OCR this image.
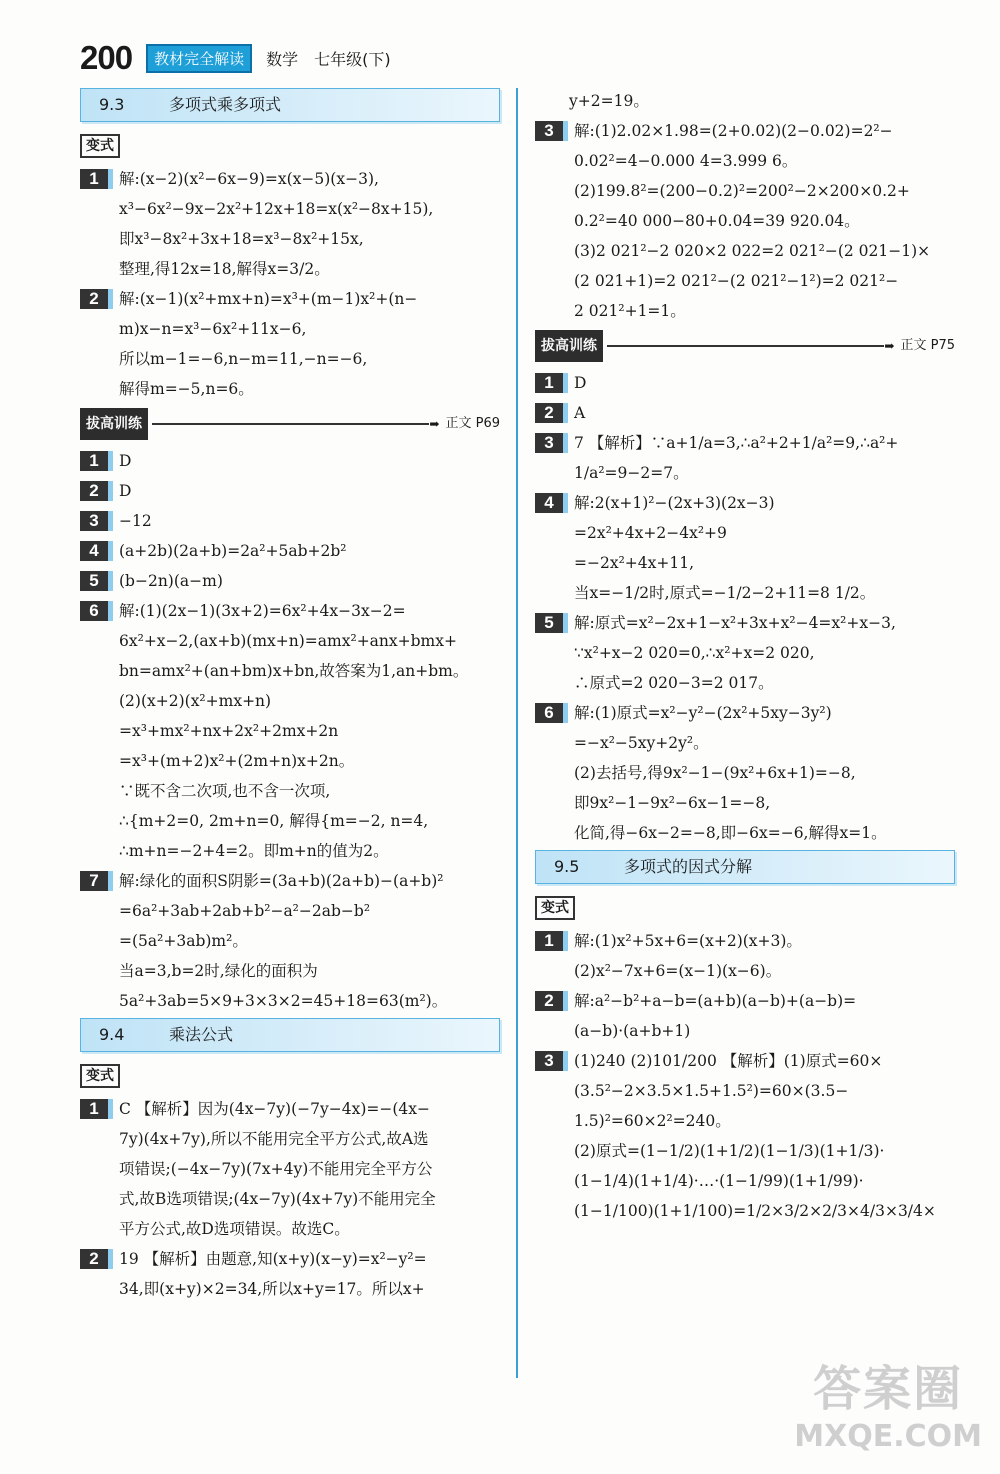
200	教材完全解读	数学　七年级(下)
9.3	多项式乘多项式
变式
1	解:(x−2)(x²−6x−9)=x(x−5)(x−3),
x³−6x²−9x−2x²+12x+18=x(x²−8x+15),
即x³−8x²+3x+18=x³−8x²+15x,
整理,得12x=18,解得x=3/2。
2	解:(x−1)(x²+mx+n)=x³+(m−1)x²+(n−
m)x−n=x³−6x²+11x−6,
所以m−1=−6,n−m=11,−n=−6,
解得m=−5,n=6。
拔高训练	➡ 正文 P69
1	D
2	D
3	−12
4	(a+2b)(2a+b)=2a²+5ab+2b²
5	(b−2n)(a−m)
6	解:(1)(2x−1)(3x+2)=6x²+4x−3x−2=
6x²+x−2,(ax+b)(mx+n)=amx²+anx+bmx+
bn=amx²+(an+bm)x+bn,故答案为1,an+bm。
(2)(x+2)(x²+mx+n)
=x³+mx²+nx+2x²+2mx+2n
=x³+(m+2)x²+(2m+n)x+2n。
∵既不含二次项,也不含一次项,
∴{m+2=0, 2m+n=0, 解得{m=−2, n=4,
∴m+n=−2+4=2。即m+n的值为2。
7	解:绿化的面积S阴影=(3a+b)(2a+b)−(a+b)²
=6a²+3ab+2ab+b²−a²−2ab−b²
=(5a²+3ab)m²。
当a=3,b=2时,绿化的面积为
5a²+3ab=5×9+3×3×2=45+18=63(m²)。
9.4	乘法公式
变式
1	C 【解析】因为(4x−7y)(−7y−4x)=−(4x−
7y)(4x+7y),所以不能用完全平方公式,故A选
项错误;(−4x−7y)(7x+4y)不能用完全平方公
式,故B选项错误;(4x−7y)(4x+7y)不能用完全
平方公式,故D选项错误。故选C。
2	19 【解析】由题意,知(x+y)(x−y)=x²−y²=
34,即(x+y)×2=34,所以x+y=17。所以x+
y+2=19。
3	解:(1)2.02×1.98=(2+0.02)(2−0.02)=2²−
0.02²=4−0.000 4=3.999 6。
(2)199.8²=(200−0.2)²=200²−2×200×0.2+
0.2²=40 000−80+0.04=39 920.04。
(3)2 021²−2 020×2 022=2 021²−(2 021−1)×
(2 021+1)=2 021²−(2 021²−1²)=2 021²−
2 021²+1=1。
拔高训练	➡ 正文 P75
1	D
2	A
3	7 【解析】∵a+1/a=3,∴a²+2+1/a²=9,∴a²+
1/a²=9−2=7。
4	解:2(x+1)²−(2x+3)(2x−3)
=2x²+4x+2−4x²+9
=−2x²+4x+11,
当x=−1/2时,原式=−1/2−2+11=8 1/2。
5	解:原式=x²−2x+1−x²+3x+x²−4=x²+x−3,
∵x²+x−2 020=0,∴x²+x=2 020,
∴原式=2 020−3=2 017。
6	解:(1)原式=x²−y²−(2x²+5xy−3y²)
=−x²−5xy+2y²。
(2)去括号,得9x²−1−(9x²+6x+1)=−8,
即9x²−1−9x²−6x−1=−8,
化简,得−6x−2=−8,即−6x=−6,解得x=1。
9.5	多项式的因式分解
变式
1	解:(1)x²+5x+6=(x+2)(x+3)。
(2)x²−7x+6=(x−1)(x−6)。
2	解:a²−b²+a−b=(a+b)(a−b)+(a−b)=
(a−b)·(a+b+1)
3	(1)240 (2)101/200 【解析】(1)原式=60×
(3.5²−2×3.5×1.5+1.5²)=60×(3.5−
1.5)²=60×2²=240。
(2)原式=(1−1/2)(1+1/2)(1−1/3)(1+1/3)·
(1−1/4)(1+1/4)·…·(1−1/99)(1+1/99)·
(1−1/100)(1+1/100)=1/2×3/2×2/3×4/3×3/4×
答案圈
MXQE.COM
